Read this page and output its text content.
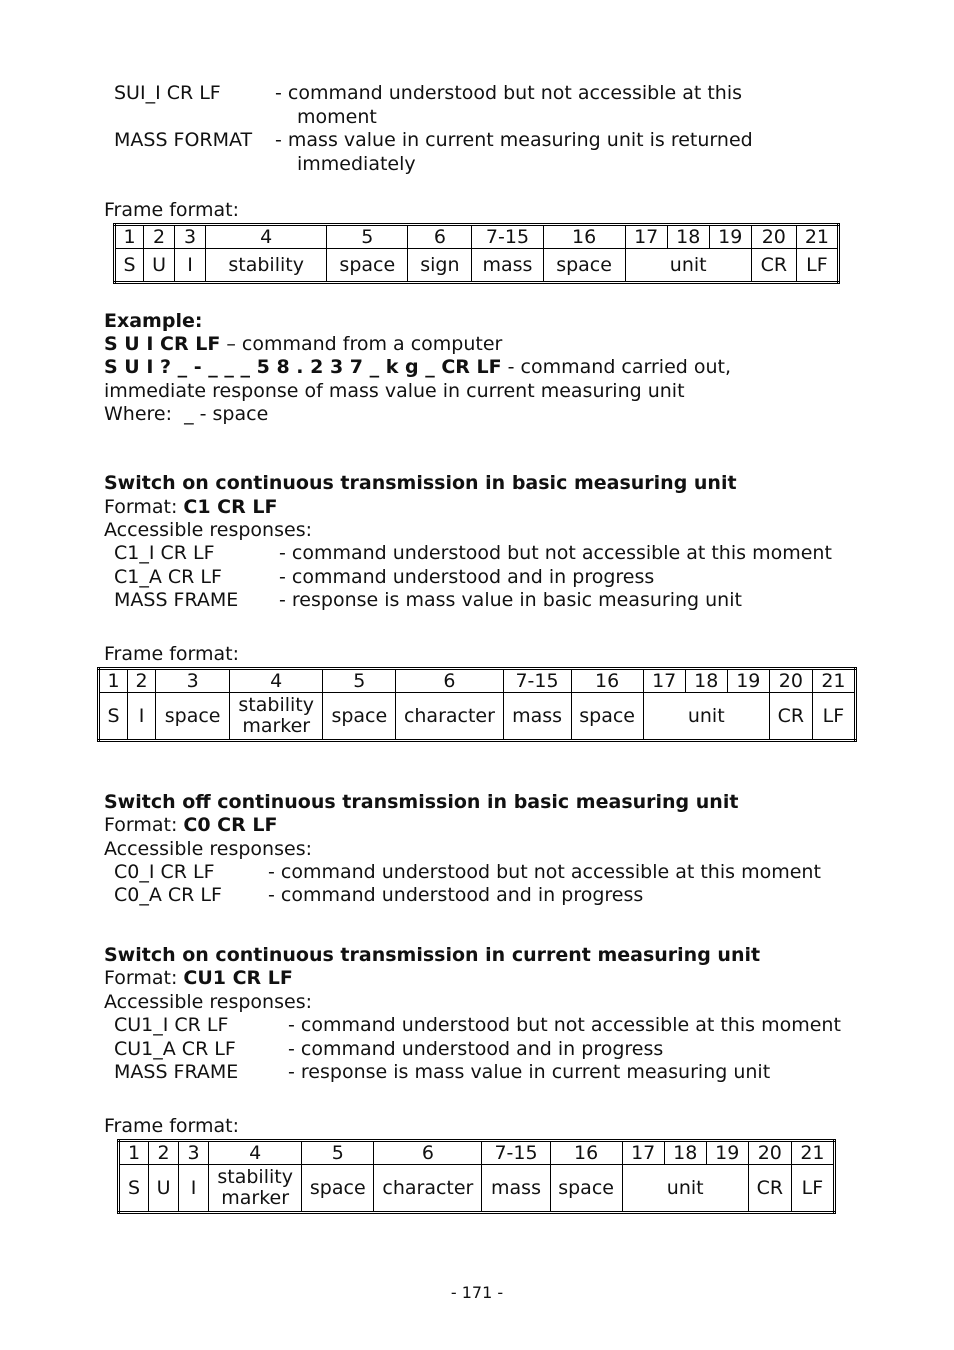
SUI_I CR LF	- command understood but not accessible at this
moment
MASS FORMAT - mass value in current measuring unit is returned
immediately
Frame format:
1	2	3	4	5	6	7-15	16	17	18	19	20	21
S	U	I	stability	space	sign	mass	space	unit			CR	LF
Example:
S U I CR LF – command from a computer
S U I ? _ - _ _ _ 5 8 . 2 3 7 _ k g _ CR LF - command carried out,
immediate response of mass value in current measuring unit
Where:  _ - space
Switch on continuous transmission in basic measuring unit
Format: C1 CR LF
Accessible responses:
C1_I CR LF	- command understood but not accessible at this moment
C1_A CR LF	- command understood and in progress
MASS FRAME - response is mass value in basic measuring unit
Frame format:
1	2	3	4	5	6	7-15	16	17	18	19	20	21
S	I	space	stability marker	space	character	mass	space	unit			CR	LF
Switch off continuous transmission in basic measuring unit
Format: C0 CR LF
Accessible responses:
C0_I CR LF	- command understood but not accessible at this moment
C0_A CR LF - command understood and in progress
Switch on continuous transmission in current measuring unit
Format: CU1 CR LF
Accessible responses:
CU1_I CR LF	- command understood but not accessible at this moment
CU1_A CR LF	- command understood and in progress
MASS FRAME	- response is mass value in current measuring unit
Frame format:
1	2	3	4	5	6	7-15	16	17	18	19	20	21
S	U	I	stability marker	space	character	mass	space	unit			CR	LF
- 171 -
